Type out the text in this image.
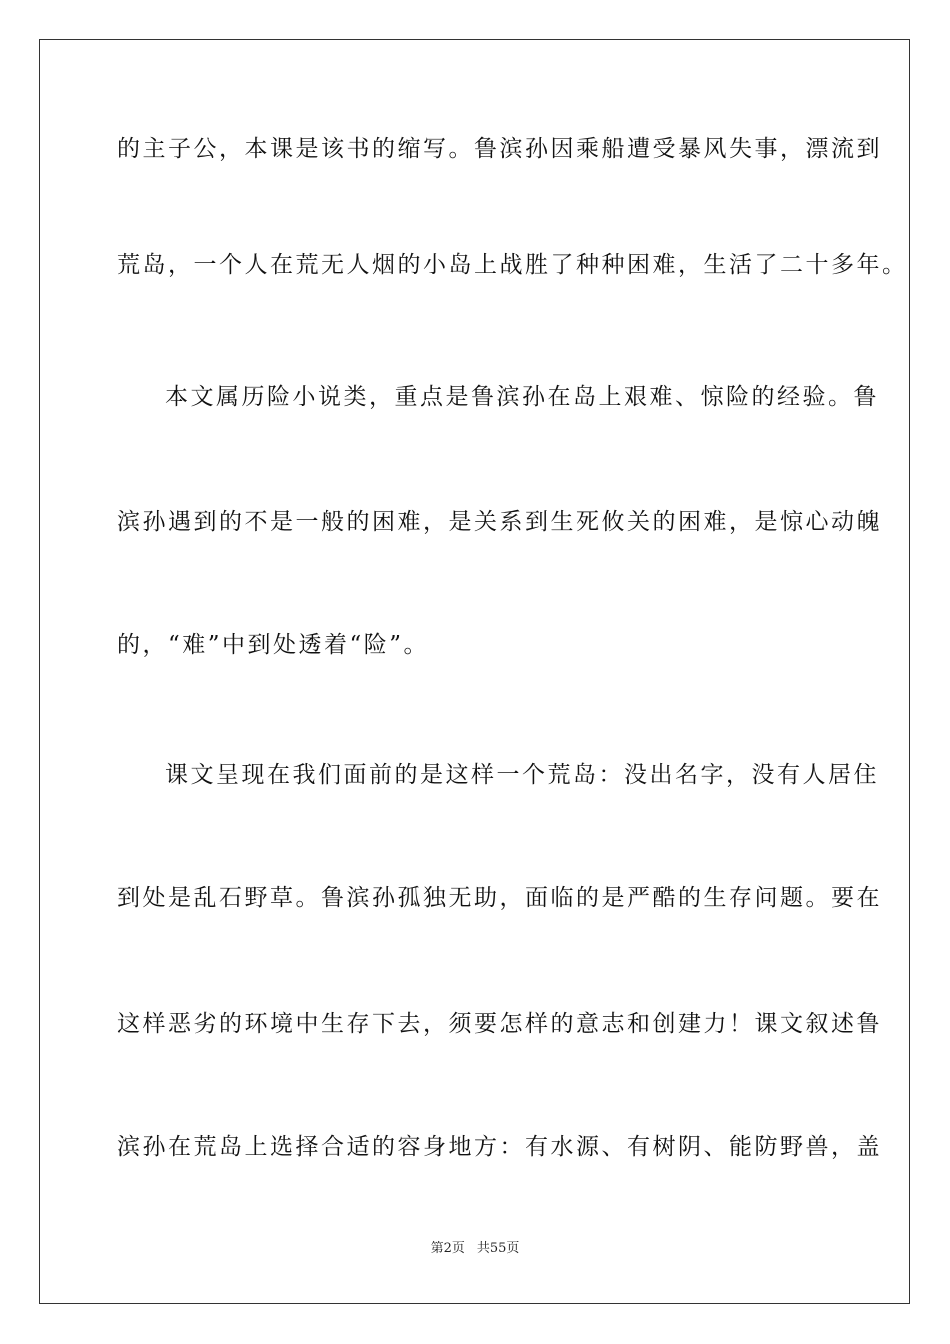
的主子公，本课是该书的缩写。鲁滨孙因乘船遭受暴风失事，漂流到
荒岛，一个人在荒无人烟的小岛上战胜了种种困难，生活了二十多年。
本文属历险小说类，重点是鲁滨孙在岛上艰难、惊险的经验。鲁
滨孙遇到的不是一般的困难，是关系到生死攸关的困难，是惊心动魄
的，“难”中到处透着“险”。
课文呈现在我们面前的是这样一个荒岛：没出名字，没有人居住
到处是乱石野草。鲁滨孙孤独无助，面临的是严酷的生存问题。要在
这样恶劣的环境中生存下去，须要怎样的意志和创建力！课文叙述鲁
滨孙在荒岛上选择合适的容身地方：有水源、有树阴、能防野兽，盖
第2页 共55页
